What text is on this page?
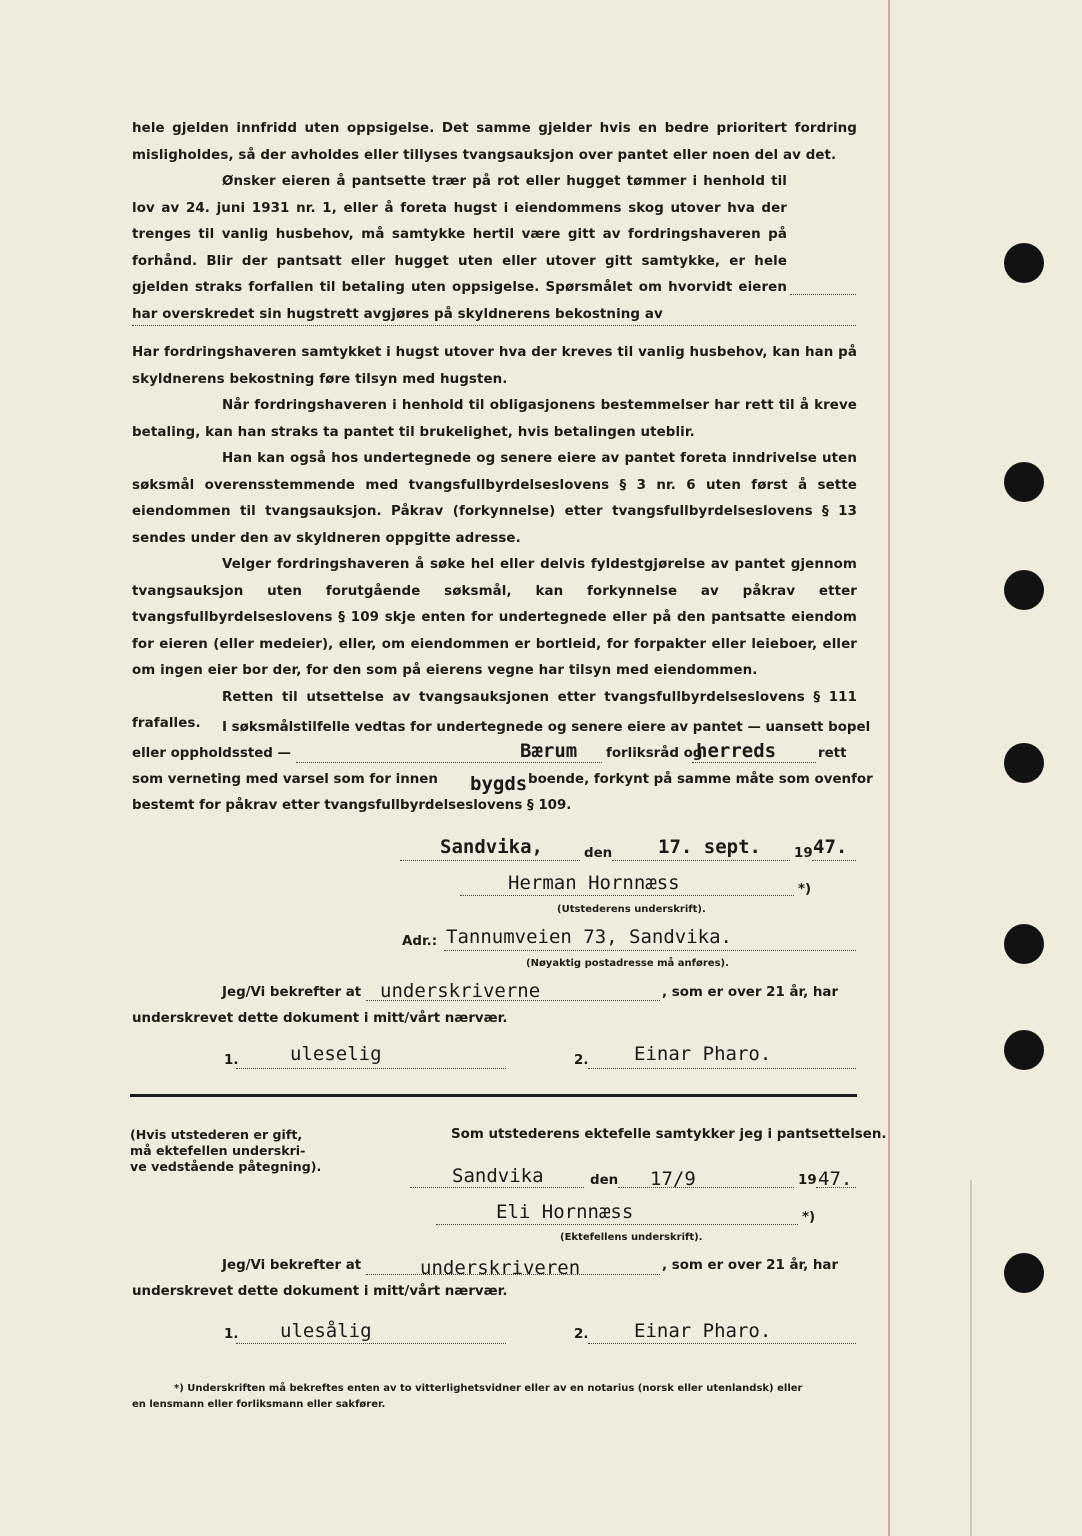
hele gjelden innfridd uten oppsigelse. Det samme gjelder hvis en bedre prioritert fordring misligholdes, så der avholdes eller tillyses tvangsauksjon over pantet eller noen del av det.

Ønsker eieren å pantsette trær på rot eller hugget tømmer i henhold til lov av 24. juni 1931 nr. 1, eller å foreta hugst i eiendommens skog utover hva der trenges til vanlig husbehov, må samtykke hertil være gitt av fordringshaveren på forhånd. Blir der pantsatt eller hugget uten eller utover gitt samtykke, er hele gjelden straks forfallen til betaling uten oppsigelse. Spørsmålet om hvorvidt eieren har overskredet sin hugstrett avgjøres på skyldnerens bekostning av

Har fordringshaveren samtykket i hugst utover hva der kreves til vanlig husbehov, kan han på skyldnerens bekostning føre tilsyn med hugsten.

Når fordringshaveren i henhold til obligasjonens bestemmelser har rett til å kreve betaling, kan han straks ta pantet til brukelighet, hvis betalingen uteblir.

Han kan også hos undertegnede og senere eiere av pantet foreta inndrivelse uten søksmål overensstemmende med tvangsfullbyrdelseslovens § 3 nr. 6 uten først å sette eiendommen til tvangsauksjon. Påkrav (forkynnelse) etter tvangsfullbyrdelseslovens § 13 sendes under den av skyldneren oppgitte adresse.

Velger fordringshaveren å søke hel eller delvis fyldestgjørelse av pantet gjennom tvangsauksjon uten forutgående søksmål, kan forkynnelse av påkrav etter tvangsfullbyrdelseslovens § 109 skje enten for undertegnede eller på den pantsatte eiendom for eieren (eller medeier), eller, om eiendommen er bortleid, for forpakter eller leieboer, eller om ingen eier bor der, for den som på eierens vegne har tilsyn med eiendommen.

Retten til utsettelse av tvangsauksjonen etter tvangsfullbyrdelseslovens § 111 frafalles.	I søksmålstilfelle vedtas for undertegnede og senere eiere av pantet — uansett bopel
eller oppholdssted —	Bærum forliksråd og
herreds	rett
som verneting med varsel som for innen bygds boende, forkynt på samme måte som ovenfor
bestemt for påkrav etter tvangsfullbyrdelseslovens § 109.
Sandvika,	den 17. sept. 19 47.
Herman Hornnæss	*)
(Utstederens underskrift).
Adr.: Tannumveien 73, Sandvika.
(Nøyaktig postadresse må anføres).
Jeg/Vi bekrefter at underskriverne	, som er over 21 år, har
underskrevet dette dokument i mitt/vårt nærvær.
1.	uleselig	2. Einar Pharo.
(Hvis utstederen er gift,
må ektefellen underskri-
ve vedstående påtegning).
Som utstederens ektefelle samtykker jeg i pantsettelsen.
Sandvika	den 17/9	19 47.
Eli Hornnæss	*)
(Ektefellens underskrift).
Jeg/Vi bekrefter at	underskriveren	, som er over 21 år, har
underskrevet dette dokument i mitt/vårt nærvær.
1. ulesålig	2. Einar Pharo.
*) Underskriften må bekreftes enten av to vitterlighetsvidner eller av en notarius (norsk eller utenlandsk) eller
en lensmann eller forliksmann eller sakfører.
